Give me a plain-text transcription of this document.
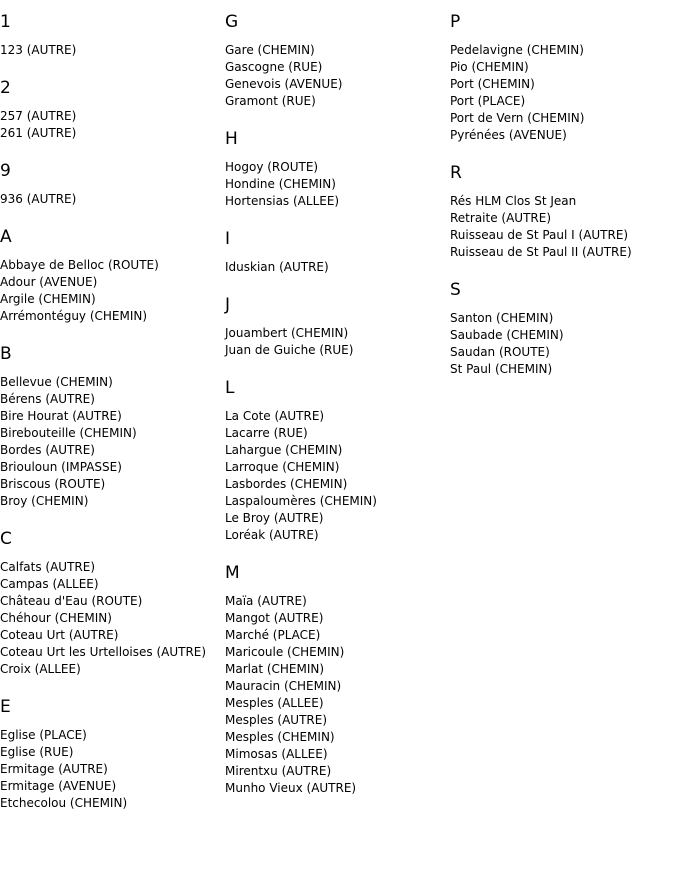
1
123 (AUTRE)
2
257 (AUTRE)
261 (AUTRE)
9
936 (AUTRE)
A
Abbaye de Belloc (ROUTE)
Adour (AVENUE)
Argile (CHEMIN)
Arrémontéguy (CHEMIN)
B
Bellevue (CHEMIN)
Bérens (AUTRE)
Bire Hourat (AUTRE)
Birebouteille (CHEMIN)
Bordes (AUTRE)
Briouloun (IMPASSE)
Briscous (ROUTE)
Broy (CHEMIN)
C
Calfats (AUTRE)
Campas (ALLEE)
Château d'Eau (ROUTE)
Chéhour (CHEMIN)
Coteau Urt (AUTRE)
Coteau Urt les Urtelloises (AUTRE)
Croix (ALLEE)
E
Eglise (PLACE)
Eglise (RUE)
Ermitage (AUTRE)
Ermitage (AVENUE)
Etchecolou (CHEMIN)
G
Gare (CHEMIN)
Gascogne (RUE)
Genevois (AVENUE)
Gramont (RUE)
H
Hogoy (ROUTE)
Hondine (CHEMIN)
Hortensias (ALLEE)
I
Iduskian (AUTRE)
J
Jouambert (CHEMIN)
Juan de Guiche (RUE)
L
La Cote (AUTRE)
Lacarre (RUE)
Lahargue (CHEMIN)
Larroque (CHEMIN)
Lasbordes (CHEMIN)
Laspaloumères (CHEMIN)
Le Broy (AUTRE)
Loréak (AUTRE)
M
Maïa (AUTRE)
Mangot (AUTRE)
Marché (PLACE)
Maricoule (CHEMIN)
Marlat (CHEMIN)
Mauracin (CHEMIN)
Mesples (ALLEE)
Mesples (AUTRE)
Mesples (CHEMIN)
Mimosas (ALLEE)
Mirentxu (AUTRE)
Munho Vieux (AUTRE)
P
Pedelavigne (CHEMIN)
Pio (CHEMIN)
Port (CHEMIN)
Port (PLACE)
Port de Vern (CHEMIN)
Pyrénées (AVENUE)
R
Rés HLM Clos St Jean
Retraite (AUTRE)
Ruisseau de St Paul I (AUTRE)
Ruisseau de St Paul II (AUTRE)
S
Santon (CHEMIN)
Saubade (CHEMIN)
Saudan (ROUTE)
St Paul (CHEMIN)
